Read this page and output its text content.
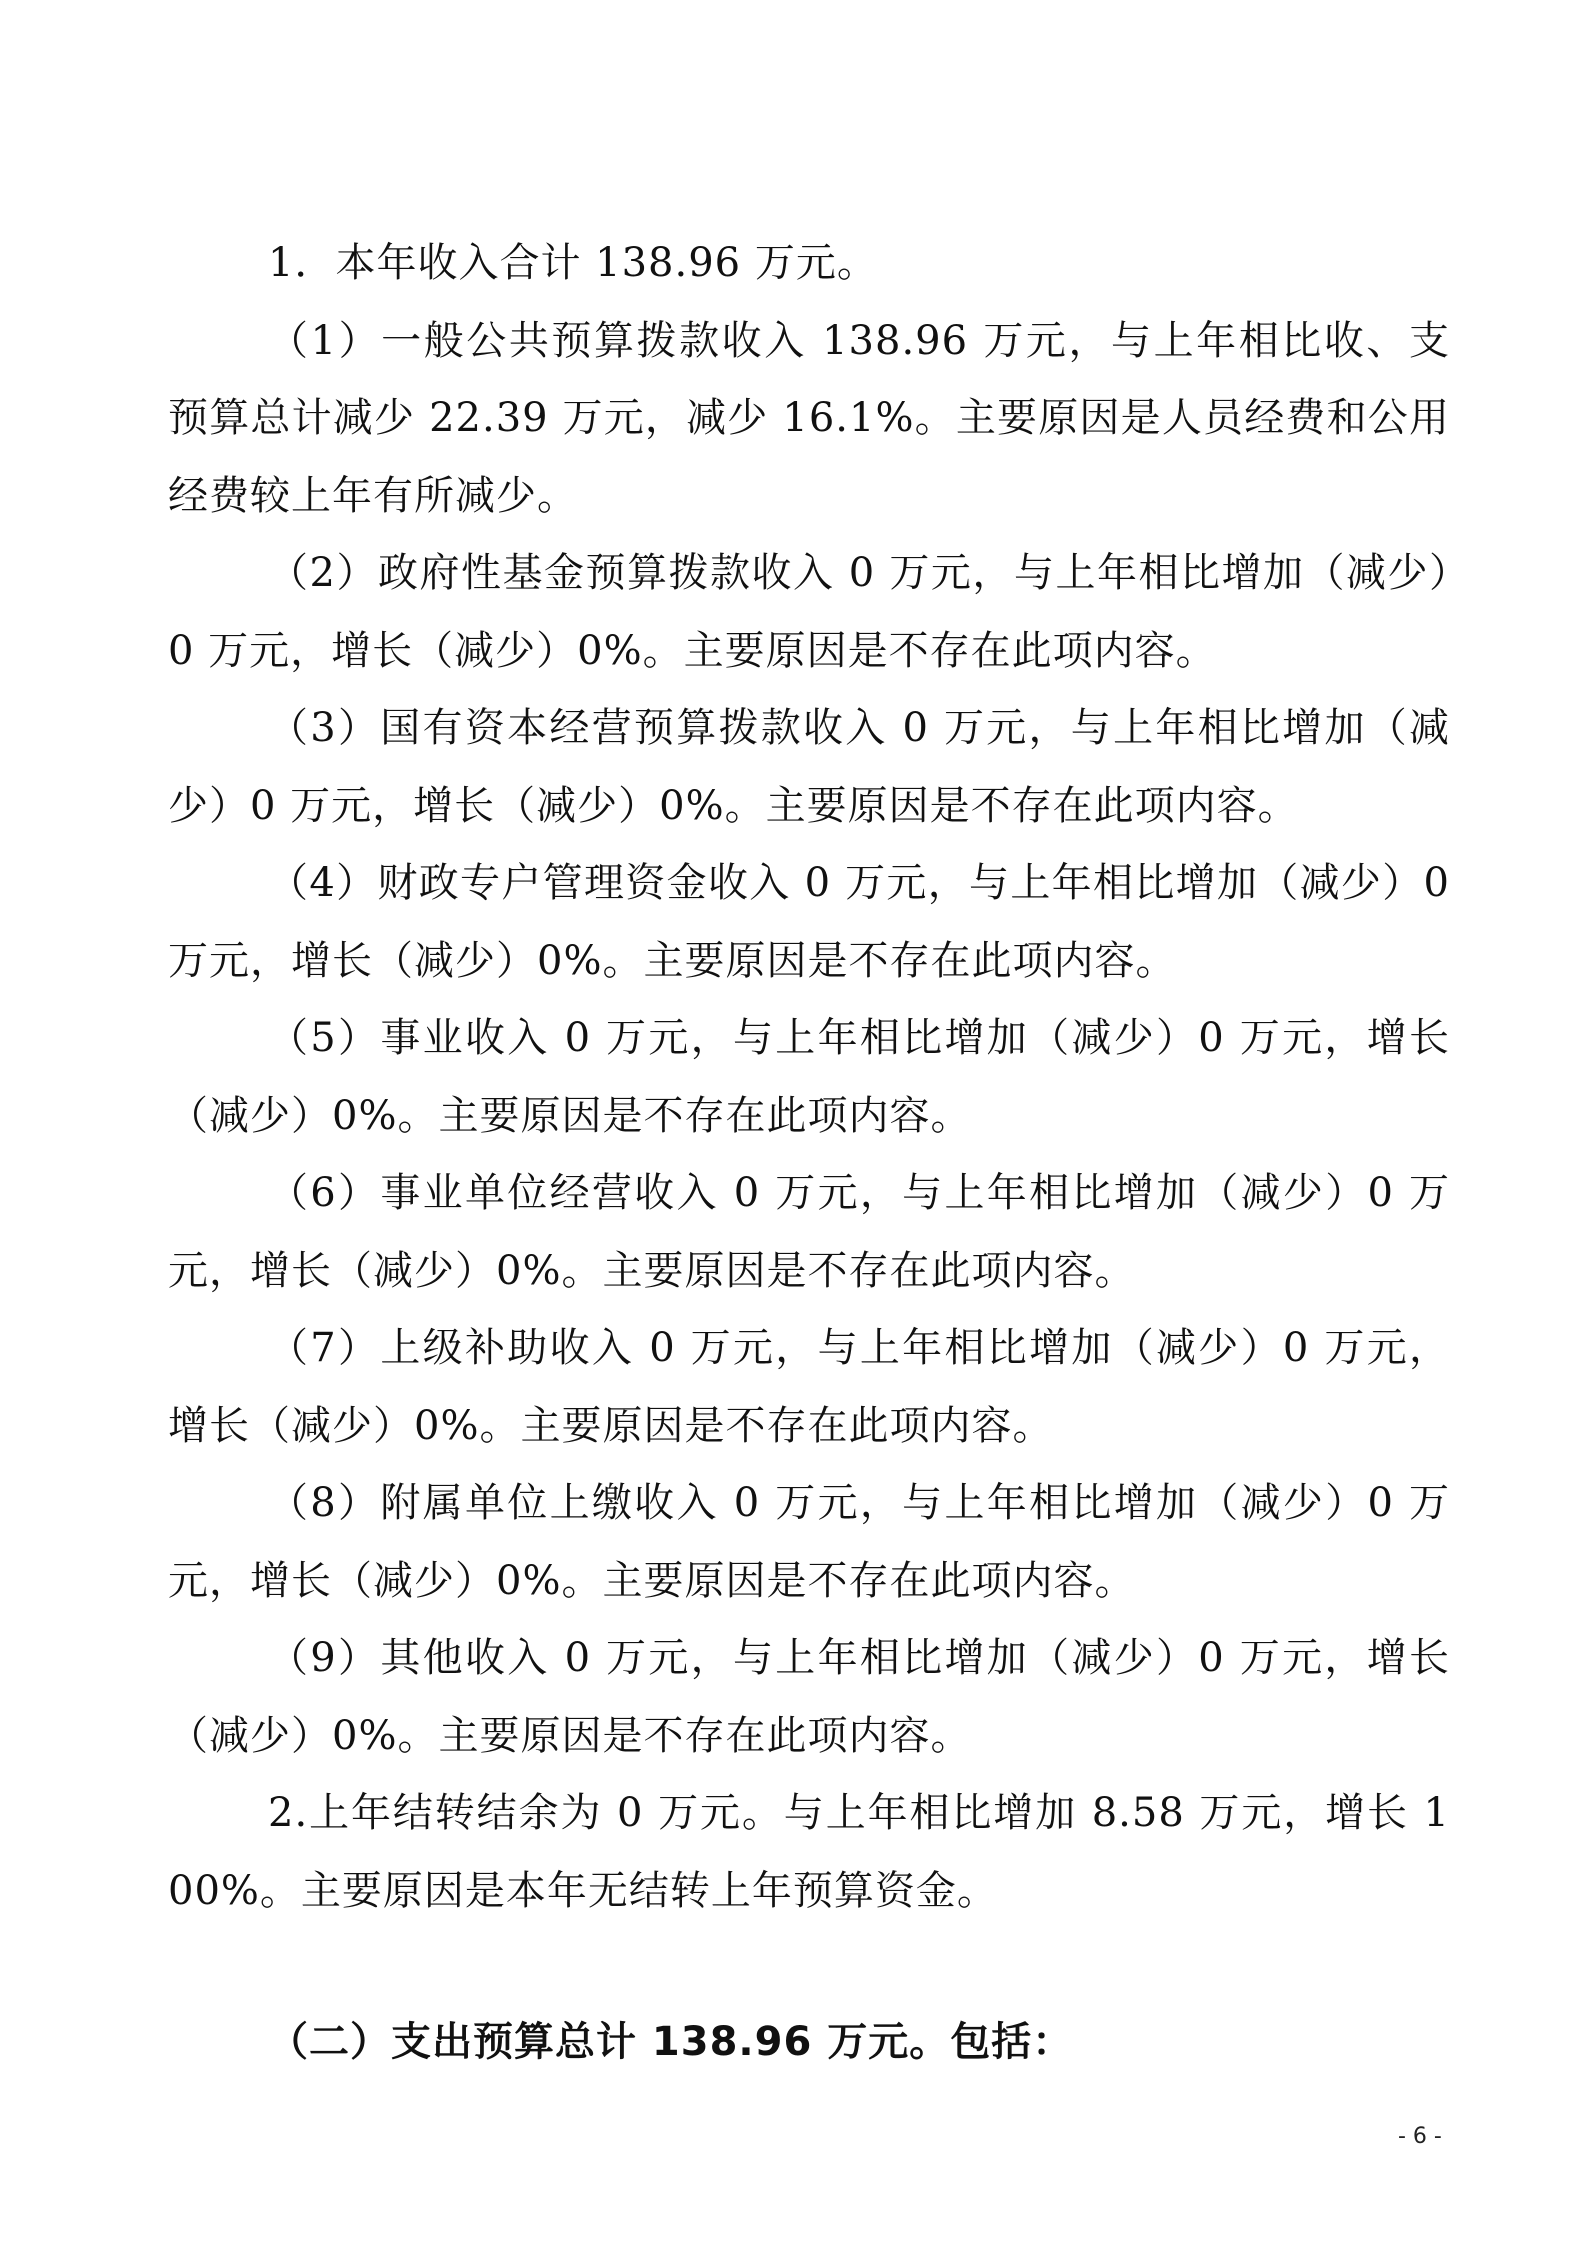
1．本年收入合计 138.96 万元。

（1）一般公共预算拨款收入 138.96 万元，与上年相比收、支预算总计减少 22.39 万元，减少 16.1%。主要原因是人员经费和公用经费较上年有所减少。

（2）政府性基金预算拨款收入 0 万元，与上年相比增加（减少）0 万元，增长（减少）0%。主要原因是不存在此项内容。

（3）国有资本经营预算拨款收入 0 万元，与上年相比增加（减少）0 万元，增长（减少）0%。主要原因是不存在此项内容。

（4）财政专户管理资金收入 0 万元，与上年相比增加（减少）0 万元，增长（减少）0%。主要原因是不存在此项内容。

（5）事业收入 0 万元，与上年相比增加（减少）0 万元，增长（减少）0%。主要原因是不存在此项内容。

（6）事业单位经营收入 0 万元，与上年相比增加（减少）0 万元，增长（减少）0%。主要原因是不存在此项内容。

（7）上级补助收入 0 万元，与上年相比增加（减少）0 万元，增长（减少）0%。主要原因是不存在此项内容。

（8）附属单位上缴收入 0 万元，与上年相比增加（减少）0 万元，增长（减少）0%。主要原因是不存在此项内容。

（9）其他收入 0 万元，与上年相比增加（减少）0 万元，增长（减少）0%。主要原因是不存在此项内容。

2.上年结转结余为 0 万元。与上年相比增加 8.58 万元，增长 100%。主要原因是本年无结转上年预算资金。

（二）支出预算总计 138.96 万元。包括：

- 6 -
